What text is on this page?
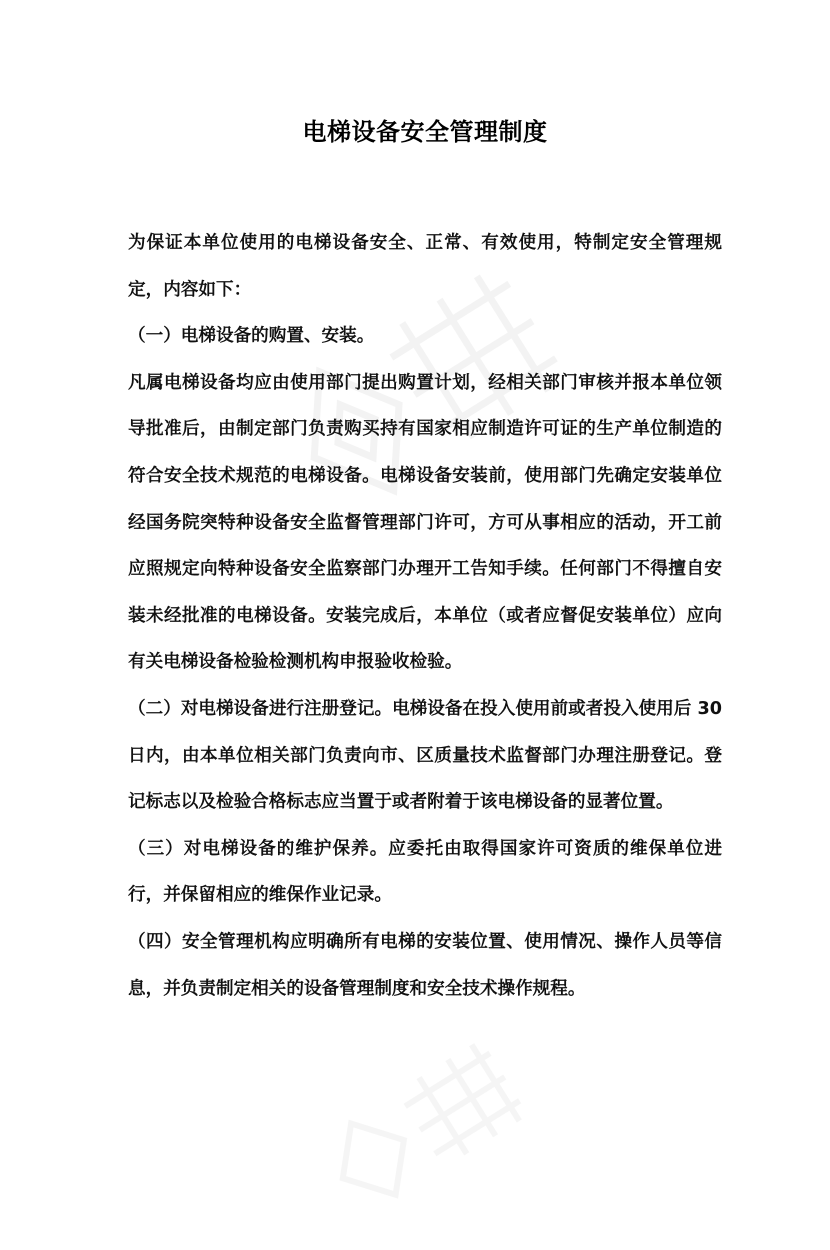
电梯设备安全管理制度

为保证本单位使用的电梯设备安全、正常、有效使用，特制定安全管理规定，内容如下：

（一）电梯设备的购置、安装。

凡属电梯设备均应由使用部门提出购置计划，经相关部门审核并报本单位领导批准后，由制定部门负责购买持有国家相应制造许可证的生产单位制造的符合安全技术规范的电梯设备。电梯设备安装前，使用部门先确定安装单位经国务院突特种设备安全监督管理部门许可，方可从事相应的活动，开工前应照规定向特种设备安全监察部门办理开工告知手续。任何部门不得擅自安装未经批准的电梯设备。安装完成后，本单位（或者应督促安装单位）应向有关电梯设备检验检测机构申报验收检验。

（二）对电梯设备进行注册登记。电梯设备在投入使用前或者投入使用后 30 日内，由本单位相关部门负责向市、区质量技术监督部门办理注册登记。登记标志以及检验合格标志应当置于或者附着于该电梯设备的显著位置。

（三）对电梯设备的维护保养。应委托由取得国家许可资质的维保单位进行，并保留相应的维保作业记录。

（四）安全管理机构应明确所有电梯的安装位置、使用情况、操作人员等信息，并负责制定相关的设备管理制度和安全技术操作规程。
